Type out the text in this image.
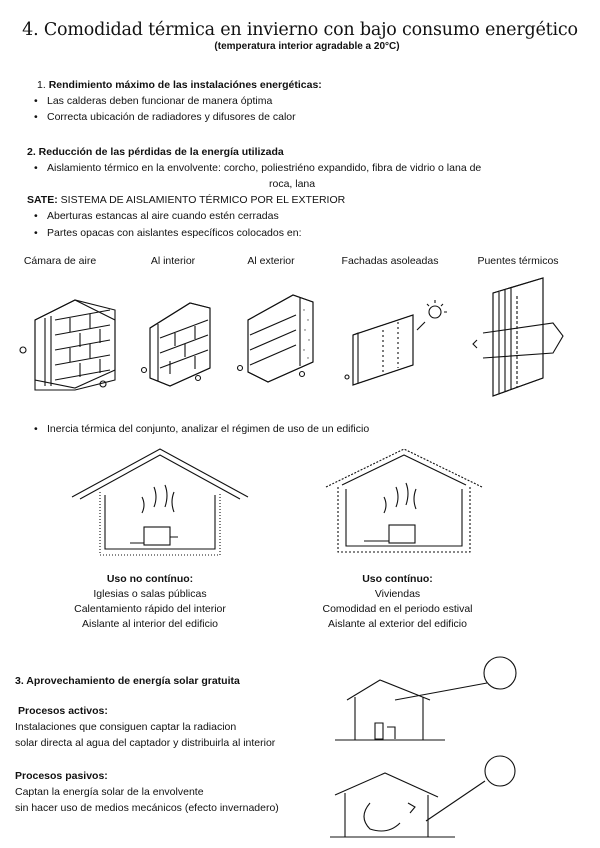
4. Comodidad térmica en invierno con bajo consumo energético
(temperatura interior agradable a 20°C)
1. Rendimiento máximo de las instalaciónes energéticas:
• Las calderas deben funcionar de manera óptima
• Correcta ubicación de radiadores y difusores de calor
2. Reducción de las pérdidas de la energía utilizada
• Aislamiento térmico en la envolvente: corcho, poliestriéno expandido, fibra de vidrio o lana de
roca, lana
SATE: SISTEMA DE AISLAMIENTO TÉRMICO POR EL EXTERIOR
• Aberturas estancas al aire cuando estén cerradas
• Partes opacas con aislantes específicos colocados en:
Cámara de aire	Al interior	Al exterior	Fachadas asoleadas	Puentes térmicos
• Inercia térmica del conjunto, analizar el régimen de uso de un edificio
Uso no contínuo:
Iglesias o salas públicas
Calentamiento rápido del interior
Aislante al interior del edificio
Uso contínuo:
Viviendas
Comodidad en el periodo estival
Aislante al exterior del edificio
3. Aprovechamiento de energía solar gratuita
Procesos activos:
Instalaciones que consiguen captar la radiacion
solar directa al agua del captador y distribuirla al interior
Procesos pasivos:
Captan la energía solar de la envolvente
sin hacer uso de medios mecánicos (efecto invernadero)
